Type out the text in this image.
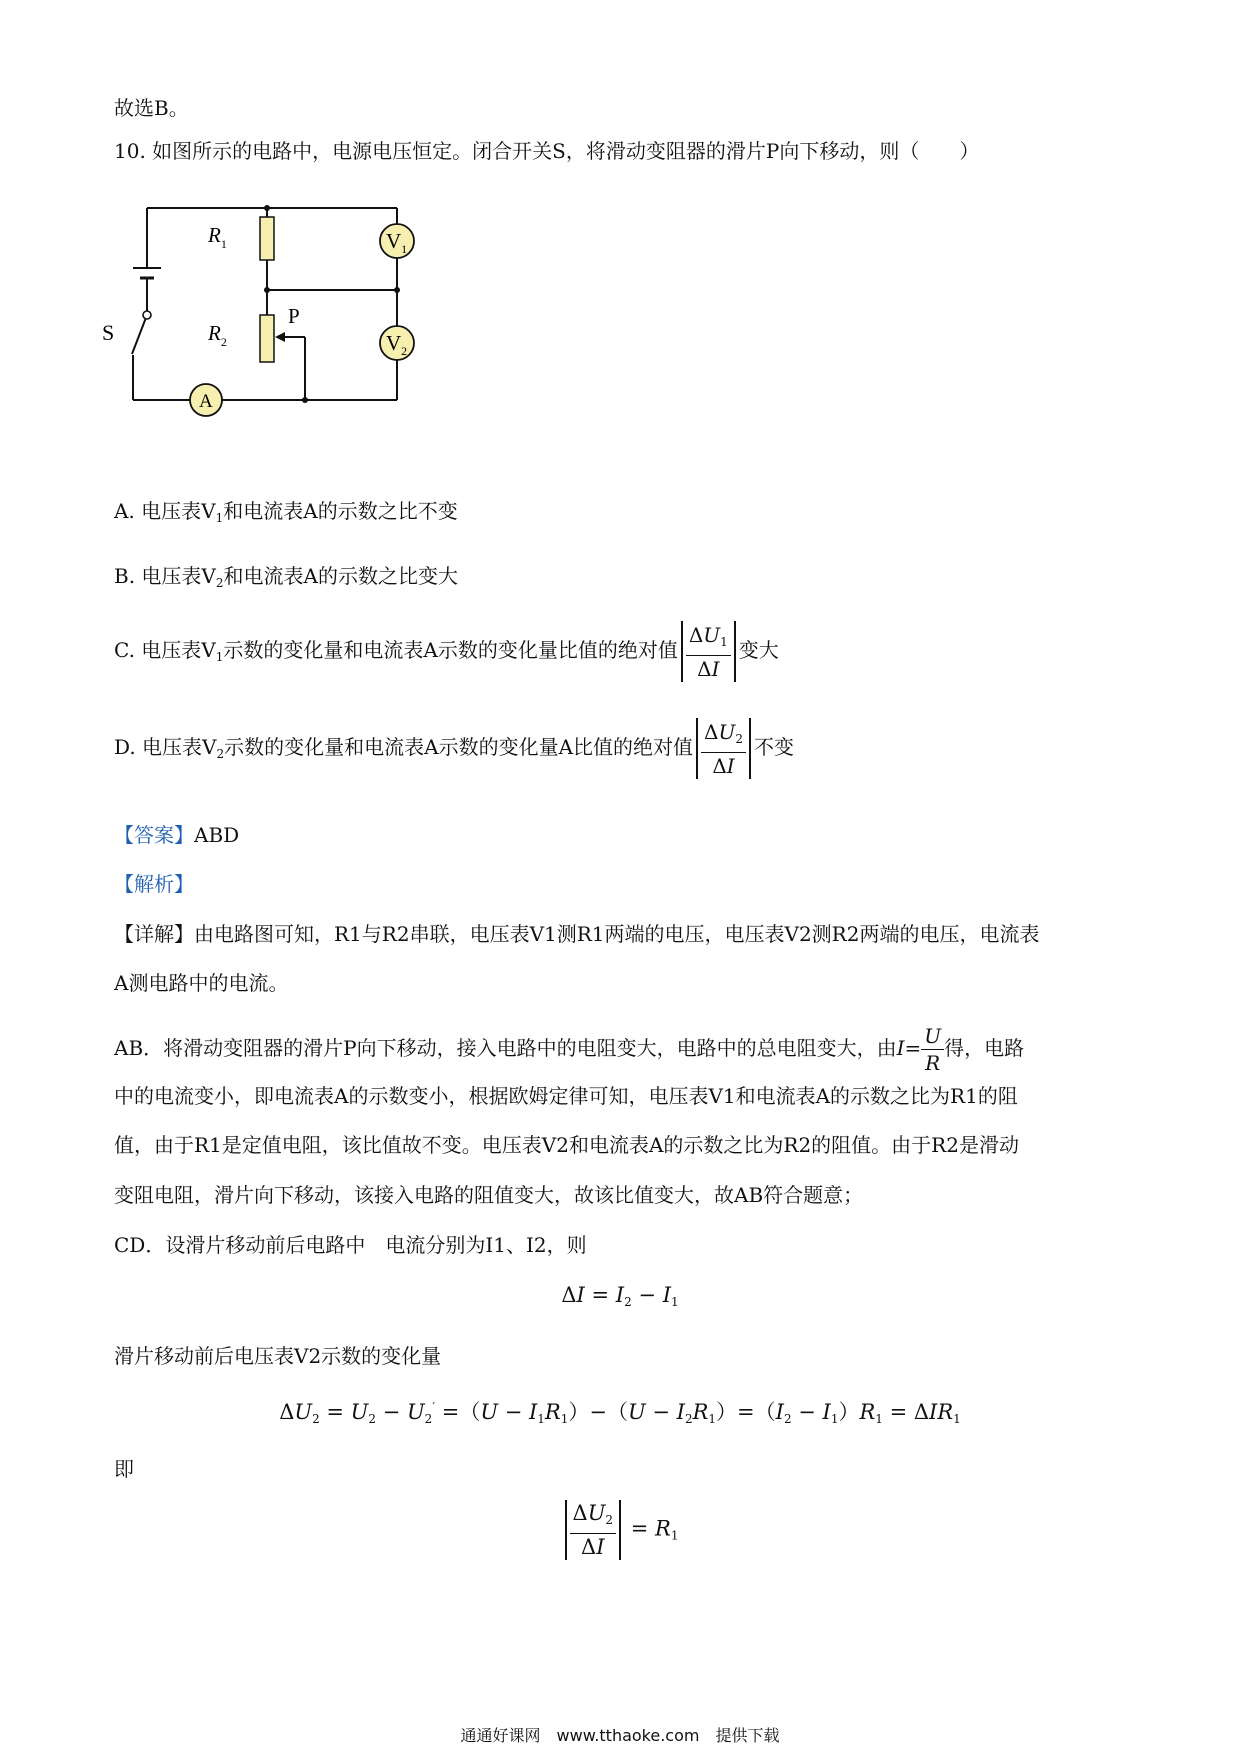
故选B。
10. 如图所示的电路中，电源电压恒定。闭合开关S，将滑动变阻器的滑片P向下移动，则（　　）
$V_1$
$V_2$
A
$R_1$
$R_2$
P
S
A. 电压表$V_1$和电流表A的示数之比不变
B. 电压表$V_2$和电流表A的示数之比变大
C. 电压表$V_1$示数的变化量和电流表A示数的变化量比值的绝对值 $\frac{\Delta U_1}{\Delta I}$ 变大
D. 电压表$V_2$示数的变化量和电流表A示数的变化量A比值的绝对值 $\frac{\Delta U_2}{\Delta I}$ 不变
【答案】ABD
【解析】
【详解】由电路图可知，R1与R2串联，电压表V1测R1两端的电压，电压表V2测R2两端的电压，电流表
A测电路中的电流。
AB．将滑动变阻器的滑片P向下移动，接入电路中的电阻变大，电路中的总电阻变大，由$I= \frac{U}{R}$ 得，电路
中的电流变小，即电流表A的示数变小，根据欧姆定律可知，电压表V1和电流表A的示数之比为R1的阻
值，由于R1是定值电阻，该比值故不变。电压表V2和电流表A的示数之比为R2的阻值。由于R2是滑动
变阻电阻，滑片向下移动，该接入电路的阻值变大，故该比值变大，故AB符合题意；
CD．设滑片移动前后电路中　电流分别为I1、I2，则
$\Delta I = I_2 - I_1$
滑片移动前后电压表V2示数的变化量
$\Delta U_2 = U_2 - U_2' =(U - I_1R_1)-(U - I_2R_1)=(I_2 - I_1)R_1 = \Delta IR_1$
即
$\frac{\Delta U_2}{\Delta I} = R_1$
通通好课网　www.tthaoke.com　提供下载
